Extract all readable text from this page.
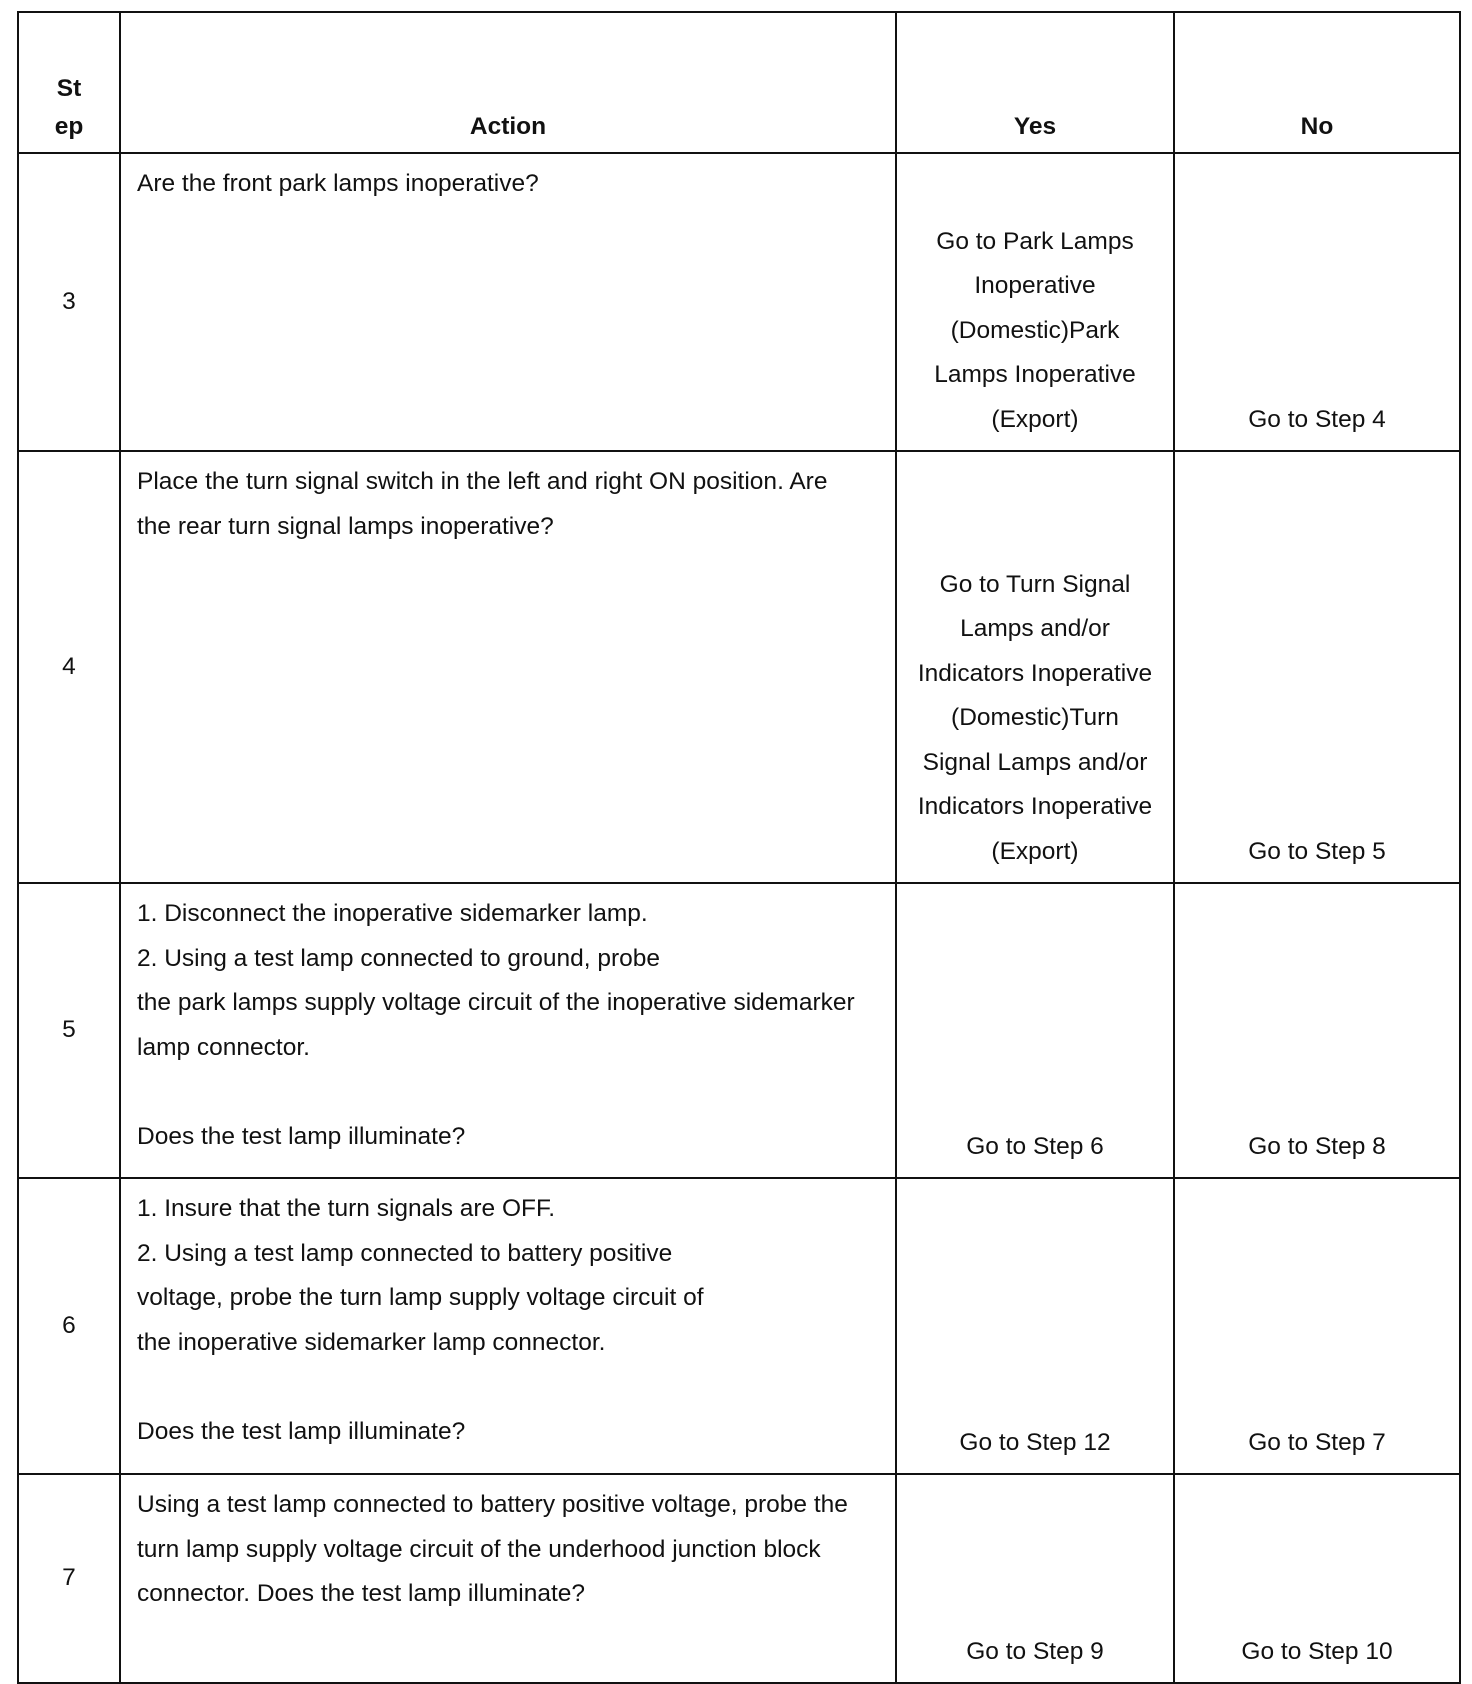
St
ep	Action	Yes	No
3	Are the front park lamps inoperative?	Go to Park Lamps Inoperative (Domestic)Park Lamps Inoperative (Export)	Go to Step 4
4	Place the turn signal switch in the left and right ON position. Are the rear turn signal lamps inoperative?	Go to Turn Signal Lamps and/or Indicators Inoperative (Domestic)Turn Signal Lamps and/or Indicators Inoperative (Export)	Go to Step 5
5	1. Disconnect the inoperative sidemarker lamp.
2. Using a test lamp connected to ground, probe
the park lamps supply voltage circuit of the inoperative sidemarker lamp connector.

Does the test lamp illuminate?	Go to Step 6	Go to Step 8
6	1. Insure that the turn signals are OFF.
2. Using a test lamp connected to battery positive
voltage, probe the turn lamp supply voltage circuit of
the inoperative sidemarker lamp connector.

Does the test lamp illuminate?	Go to Step 12	Go to Step 7
7	Using a test lamp connected to battery positive voltage, probe the turn lamp supply voltage circuit of the underhood junction block connector. Does the test lamp illuminate?	Go to Step 9	Go to Step 10
